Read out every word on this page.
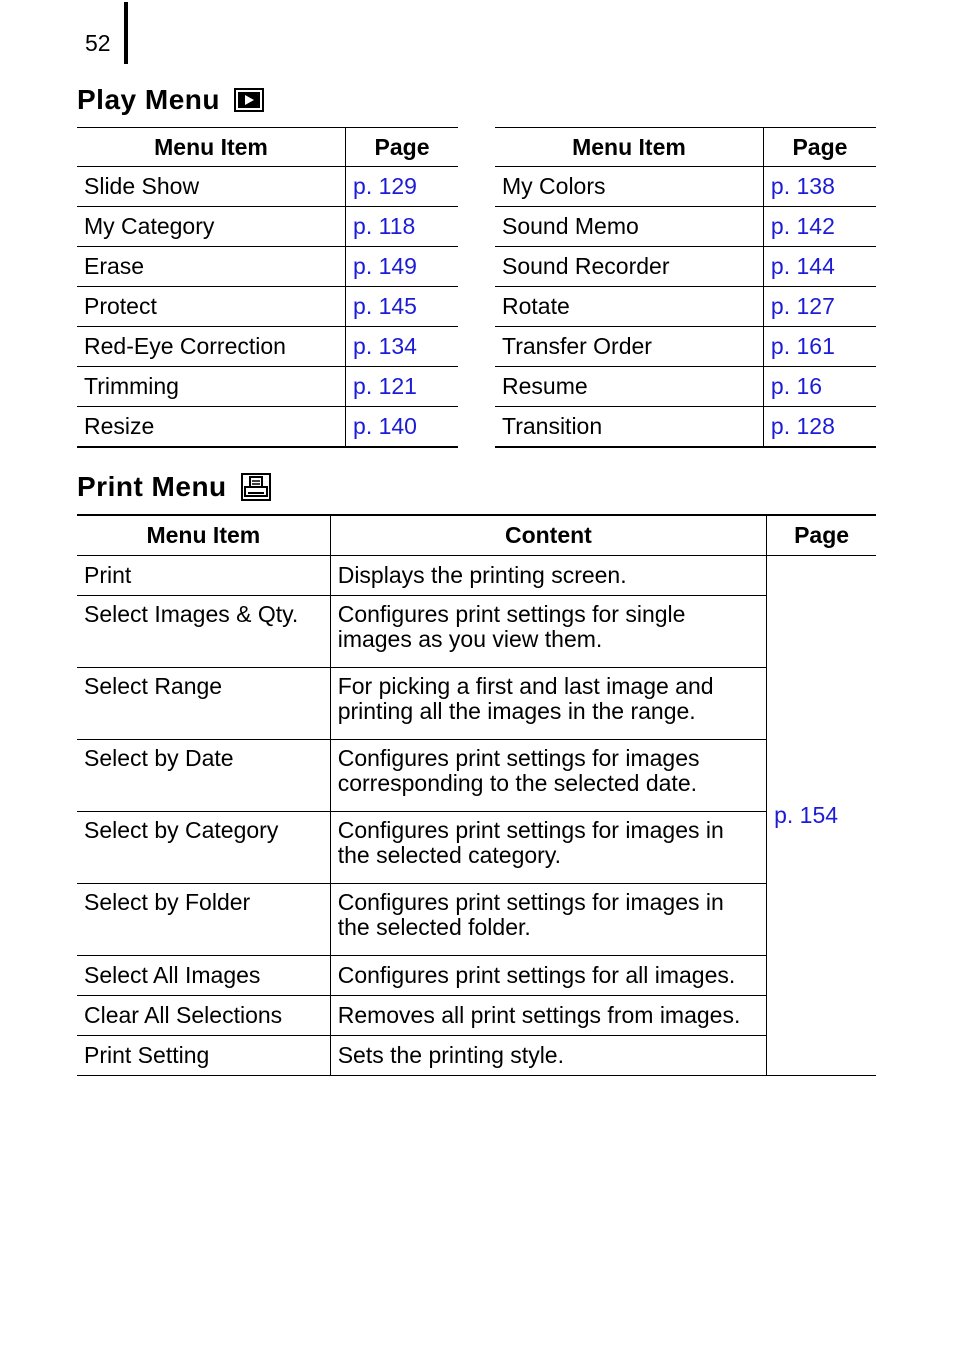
52
Play Menu
Menu Item	Page
Slide Show	p. 129
My Category	p. 118
Erase	p. 149
Protect	p. 145
Red-Eye Correction	p. 134
Trimming	p. 121
Resize	p. 140
Menu Item	Page
My Colors	p. 138
Sound Memo	p. 142
Sound Recorder	p. 144
Rotate	p. 127
Transfer Order	p. 161
Resume	p. 16
Transition	p. 128
Print Menu
Menu Item	Content	Page
Print	Displays the printing screen.	p. 154
Select Images & Qty.	Configures print settings for single
images as you view them.	

Select Range	For picking a first and last image and
printing all the images in the range.	

Select by Date	Configures print settings for images
corresponding to the selected date.	

Select by Category	Configures print settings for images in
the selected category.	

Select by Folder	Configures print settings for images in
the selected folder.	

Select All Images	Configures print settings for all images.	

Clear All Selections	Removes all print settings from images.	

Print Setting	Sets the printing style.	
